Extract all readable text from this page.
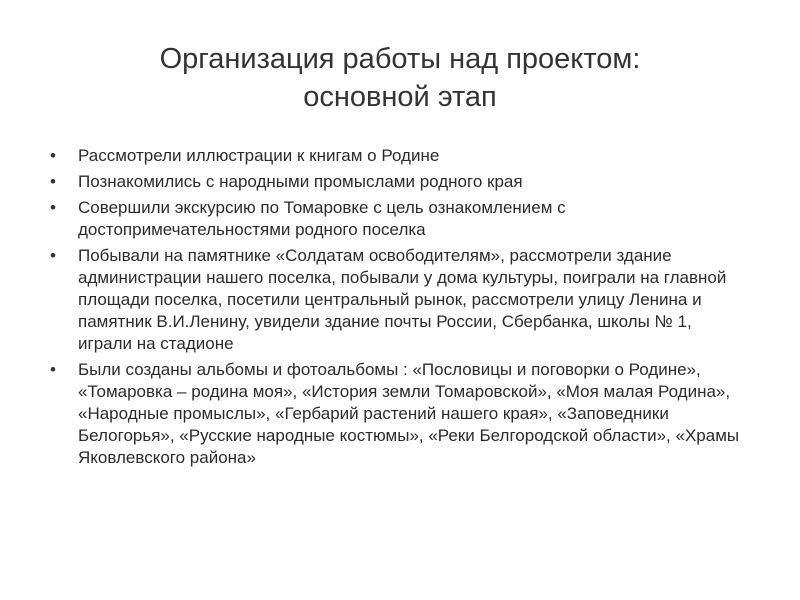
Организация работы над проектом:
основной этап
•	Рассмотрели иллюстрации к книгам о Родине
•	Познакомились с народными промыслами родного края
•	Совершили экскурсию по Томаровке с цель ознакомлением с достопримечательностями родного поселка
•	Побывали на памятнике «Солдатам освободителям», рассмотрели здание администрации нашего поселка, побывали у дома культуры, поиграли на главной площади поселка, посетили центральный рынок, рассмотрели улицу Ленина и памятник В.И.Ленину, увидели здание почты России, Сбербанка, школы № 1, играли на стадионе
•	Были созданы альбомы и фотоальбомы : «Пословицы и поговорки о Родине», «Томаровка – родина моя», «История земли Томаровской», «Моя малая Родина», «Народные промыслы», «Гербарий растений нашего края», «Заповедники Белогорья», «Русские народные костюмы», «Реки Белгородской области», «Храмы Яковлевского района»
